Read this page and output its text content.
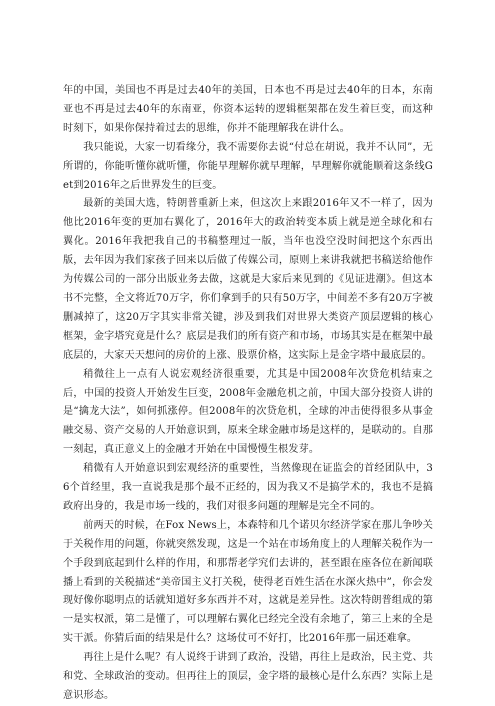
年的中国，美国也不再是过去40年的美国，日本也不再是过去40年的日本，东南亚也不再是过去40年的东南亚，你资本运转的逻辑框架都在发生着巨变，而这种时刻下，如果你保持着过去的思维，你并不能理解我在讲什么。

我只能说，大家一切看缘分，我不需要你去说“付总在胡说，我并不认同”，无所谓的，你能听懂你就听懂，你能早理解你就早理解，早理解你就能顺着这条线Get到2016年之后世界发生的巨变。

最新的美国大选，特朗普重新上来，但这次上来跟2016年又不一样了，因为他比2016年变的更加右翼化了，2016年大的政治转变本质上就是逆全球化和右翼化。2016年我把我自己的书稿整理过一版，当年也没空没时间把这个东西出版，去年因为我们家孩子回来以后做了传媒公司，原则上来讲我就把书稿送给他作为传媒公司的一部分出版业务去做，这就是大家后来见到的《见证进潮》。但这本书不完整，全文将近70万字，你们拿到手的只有50万字，中间差不多有20万字被删减掉了，这20万字其实非常关键，涉及到我们对世界大类资产顶层逻辑的核心框架，金字塔究竟是什么？底层是我们的所有资产和市场，市场其实是在框架中最底层的，大家天天想问的房价的上涨、股票价格，这实际上是金字塔中最底层的。

稍微往上一点有人说宏观经济很重要，尤其是中国2008年次贷危机结束之后，中国的投资人开始发生巨变，2008年金融危机之前，中国大部分投资人讲的是“擒龙大法”，如何抓涨停。但2008年的次贷危机，全球的冲击使得很多从事金融交易、资产交易的人开始意识到，原来全球金融市场是这样的，是联动的。自那一刻起，真正意义上的金融才开始在中国慢慢生根发芽。

稍微有人开始意识到宏观经济的重要性，当然像现在证监会的首经团队中，36个首经里，我一直说我是那个最不正经的，因为我又不是搞学术的，我也不是搞政府出身的，我是市场一线的，我们对很多问题的理解是完全不同的。

前两天的时候，在Fox News上，本森特和几个诺贝尔经济学家在那儿争吵关于关税作用的问题，你就突然发现，这是一个站在市场角度上的人理解关税作为一个手段到底起到什么样的作用，和那帮老学究们去讲的，甚至跟在座各位在新闻联播上看到的关税描述“美帝国主义打关税，使得老百姓生活在水深火热中”，你会发现好像你聪明点的话就知道好多东西并不对，这就是差异性。这次特朗普组成的第一是实权派，第二是懂了，可以理解右翼化已经完全没有余地了，第三上来的全是实干派。你猜后面的结果是什么？这场仗可不好打，比2016年那一届还难拿。

再往上是什么呢？有人说终于讲到了政治，没错，再往上是政治，民主党、共和党、全球政治的变动。但再往上的顶层，金字塔的最核心是什么东西？实际上是意识形态。
